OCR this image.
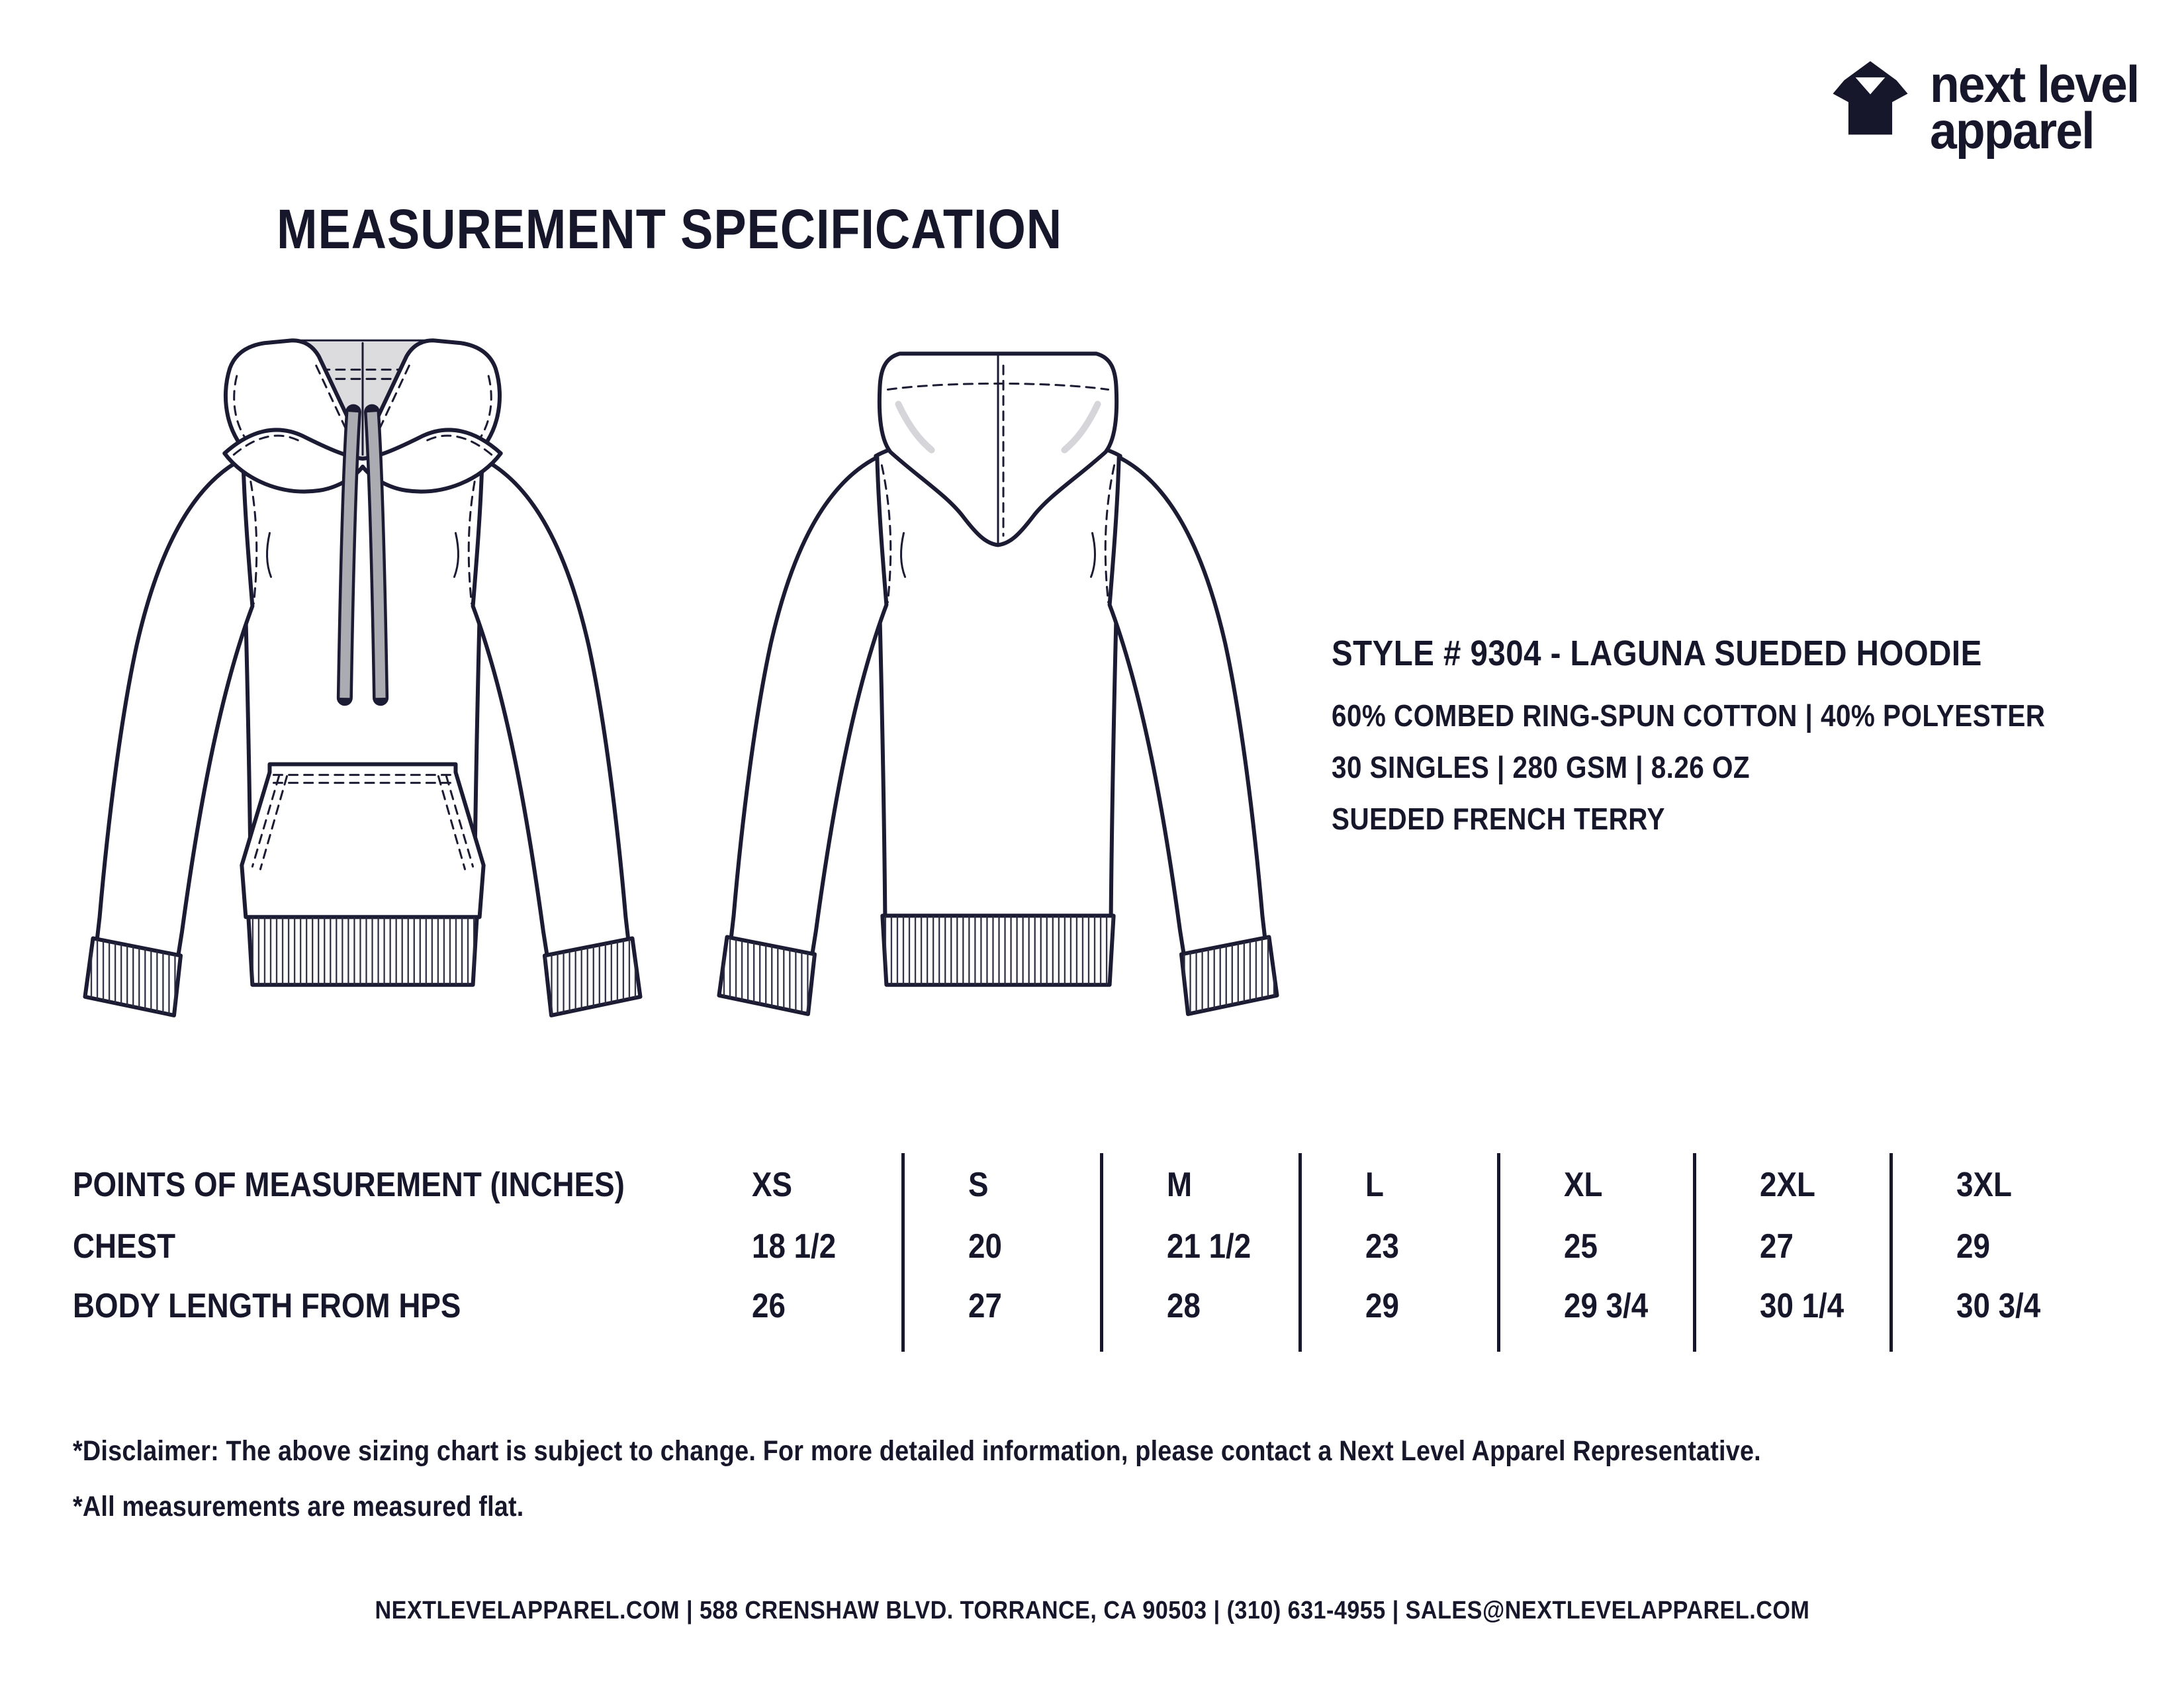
next level
apparel
MEASUREMENT SPECIFICATION
STYLE # 9304 - LAGUNA SUEDED HOODIE
60% COMBED RING-SPUN COTTON | 40% POLYESTER
30 SINGLES | 280 GSM | 8.26 OZ
SUEDED FRENCH TERRY
POINTS OF MEASUREMENT (INCHES)
CHEST
BODY LENGTH FROM HPS
XS
18 1/2
26
S
20
27
M
21 1/2
28
L
23
29
XL
25
29 3/4
2XL
27
30 1/4
3XL
29
30 3/4
*Disclaimer: The above sizing chart is subject to change. For more detailed information, please contact a Next Level Apparel Representative.
*All measurements are measured flat.
NEXTLEVELAPPAREL.COM | 588 CRENSHAW BLVD. TORRANCE, CA 90503 | (310) 631-4955 | SALES@NEXTLEVELAPPAREL.COM
